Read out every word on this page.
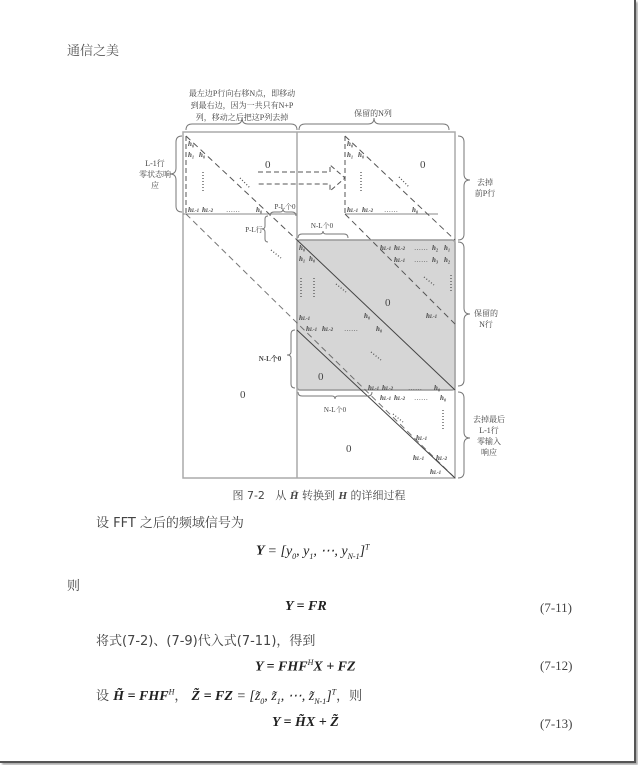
通信之美
最左边P行向右移N点，即移动
到最右边，因为一共只有N+P
列，移动之后把这P列去掉	保留的N列
L-1行
零状态响
应	去掉
前P行
保留的
N行
去掉最后
L-1行
零输入
响应
P-L个0
P-L行	N-L个0
N-L个0
N-L个0
0	0
0
0
0
0
h₀
h₁ h₀
hL-1 hL-2	h₀
h₀
h₁ h₀
hL-1 hL-2	h₀
h₀
h₁ h₀
hL-1 hL-2	h₂ h₁
hL-1	h₃ h₂
hL-1
hL-1
hL-1 hL-2
h₀
h₀
hL-1 hL-2	h₀
hL-1 hL-2	h₀
hL-1
hL-1 hL-2
hL-1
……	……
……
……
……
……
……
图 7-2 从 H̄ 转换到 H 的详细过程
设 FFT 之后的频域信号为
$Y = [y_0$, $y_1$, ⋯, $y_{N-1}]^T$
则
Y = FR	(7-11)
将式(7-2)、(7-9)代入式(7-11)，得到
$Y = FHF^HX$ + FZ	(7-12)
设 H̃ = $FHF^H$， Z̃ = FZ = [$z̃_0$, $z̃_1$, ⋯, $z̃_{N-1}]^T$，则
Y = H̃X + Z̃	(7-13)
